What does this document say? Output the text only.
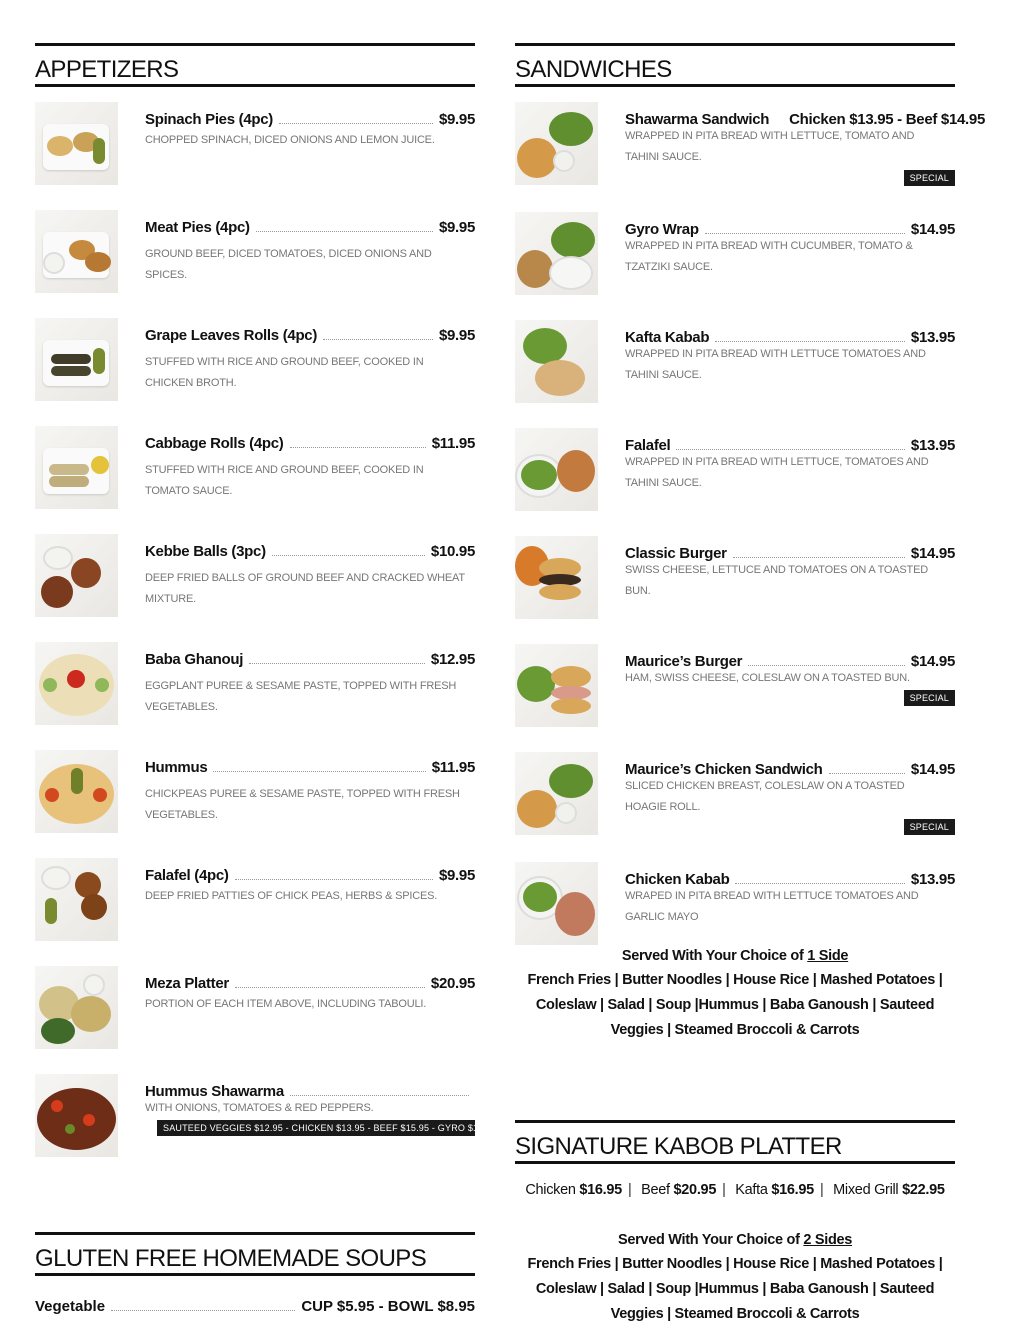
APPETIZERS
Spinach Pies (4pc)	$9.95
CHOPPED SPINACH, DICED ONIONS AND LEMON JUICE.
Meat Pies (4pc)	$9.95
GROUND BEEF, DICED TOMATOES, DICED ONIONS AND SPICES.
Grape Leaves Rolls (4pc)	$9.95
STUFFED WITH RICE AND GROUND BEEF, COOKED IN CHICKEN BROTH.
Cabbage Rolls (4pc)	$11.95
STUFFED WITH RICE AND GROUND BEEF, COOKED IN TOMATO SAUCE.
Kebbe Balls (3pc)	$10.95
DEEP FRIED BALLS OF GROUND BEEF AND CRACKED WHEAT MIXTURE.
Baba Ghanouj	$12.95
EGGPLANT PUREE & SESAME PASTE, TOPPED WITH FRESH VEGETABLES.
Hummus	$11.95
CHICKPEAS PUREE & SESAME PASTE, TOPPED WITH FRESH VEGETABLES.
Falafel (4pc)	$9.95
DEEP FRIED PATTIES OF CHICK PEAS, HERBS & SPICES.
Meza Platter	$20.95
PORTION OF EACH ITEM ABOVE, INCLUDING TABOULI.
Hummus Shawarma
WITH ONIONS, TOMATOES & RED PEPPERS.
SAUTEED VEGGIES $12.95 - CHICKEN $13.95 - BEEF $15.95 - GYRO $14.95
GLUTEN FREE HOMEMADE SOUPS
Vegetable	CUP $5.95 - BOWL $8.95
SANDWICHES
Shawarma Sandwich Chicken $13.95 - Beef $14.95
WRAPPED IN PITA BREAD WITH LETTUCE, TOMATO AND TAHINI SAUCE.
SPECIAL
Gyro Wrap	$14.95
WRAPPED IN PITA BREAD WITH CUCUMBER, TOMATO & TZATZIKI SAUCE.
Kafta Kabab	$13.95
WRAPPED IN PITA BREAD WITH LETTUCE TOMATOES AND TAHINI SAUCE.
Falafel	$13.95
WRAPPED IN PITA BREAD WITH LETTUCE, TOMATOES AND TAHINI SAUCE.
Classic Burger	$14.95
SWISS CHEESE, LETTUCE AND TOMATOES ON A TOASTED BUN.
Maurice’s Burger	$14.95
HAM, SWISS CHEESE, COLESLAW ON A TOASTED BUN.
SPECIAL
Maurice’s Chicken Sandwich	$14.95
SLICED CHICKEN BREAST, COLESLAW ON A TOASTED HOAGIE ROLL.
SPECIAL
Chicken Kabab	$13.95
WRAPED IN PITA BREAD WITH LETTUCE TOMATOES AND GARLIC MAYO
Served With Your Choice of 1 Side
French Fries | Butter Noodles | House Rice | Mashed Potatoes | Coleslaw | Salad | Soup |Hummus | Baba Ganoush | Sauteed Veggies | Steamed Broccoli & Carrots
SIGNATURE KABOB PLATTER
Chicken $16.95 | Beef $20.95 | Kafta $16.95 | Mixed Grill $22.95
Served With Your Choice of 2 Sides
French Fries | Butter Noodles | House Rice | Mashed Potatoes | Coleslaw | Salad | Soup |Hummus | Baba Ganoush | Sauteed Veggies | Steamed Broccoli & Carrots
